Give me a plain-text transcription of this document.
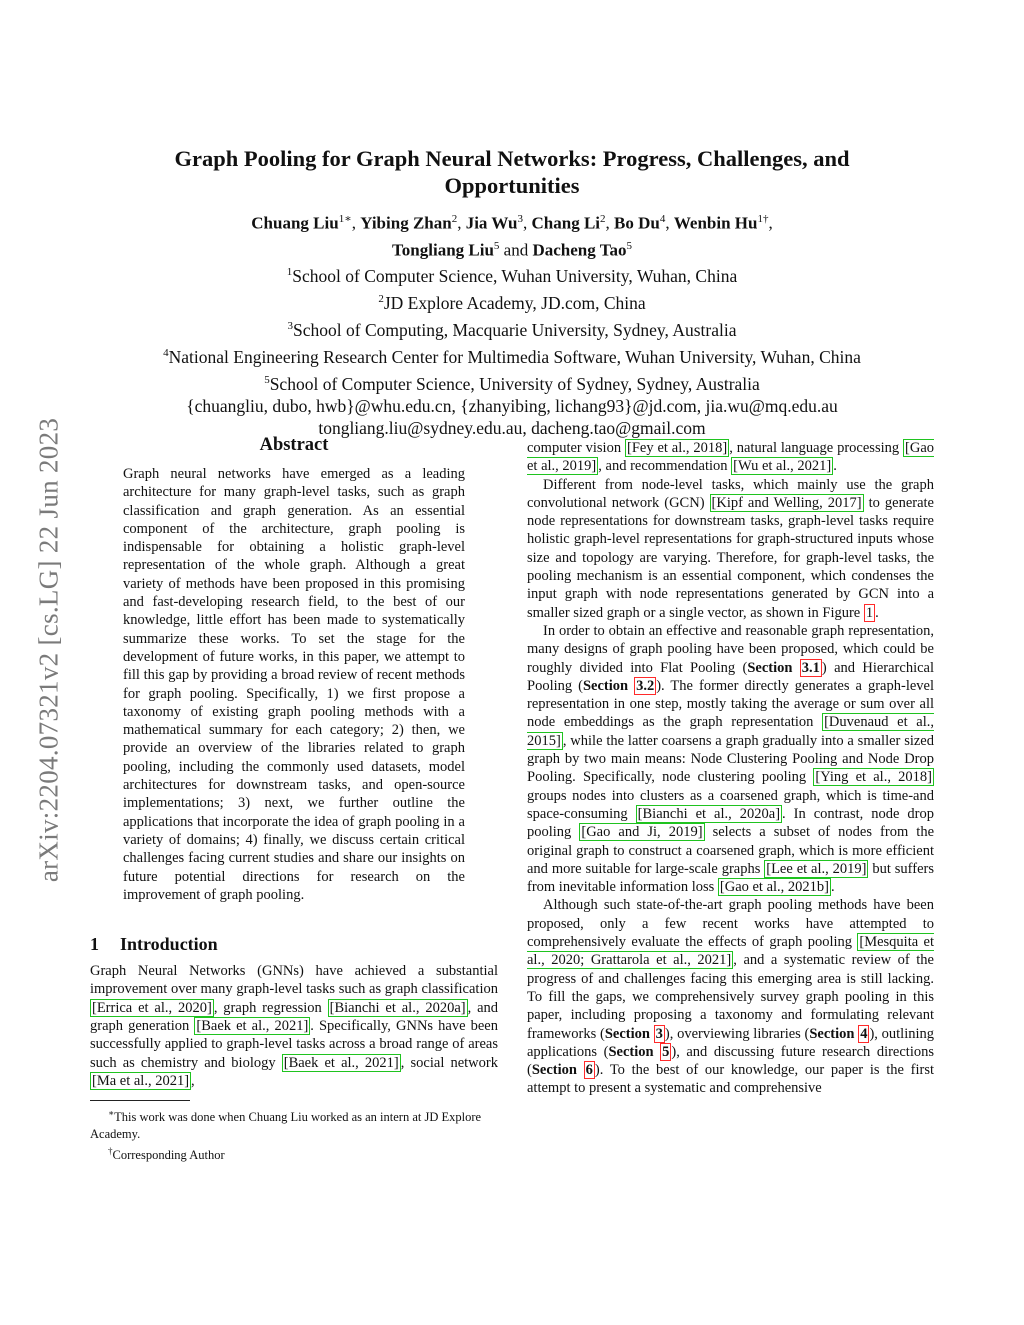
arXiv:2204.07321v2 [cs.LG] 22 Jun 2023
Graph Pooling for Graph Neural Networks: Progress, Challenges, and
Opportunities
Chuang Liu$^{1∗}$, Yibing Zhan$^2$, Jia Wu$^3$, Chang Li$^2$, Bo Du$^4$, Wenbin $Hu^{1\dagger}$,
Tongliang Liu$^5$ and Dacheng Tao$^5$
$^1$School of Computer Science, Wuhan University, Wuhan, China
$^2$JD Explore Academy, JD.com, China
$^3$School of Computing, Macquarie University, Sydney, Australia
$^4$National Engineering Research Center for Multimedia Software, Wuhan University, Wuhan, China
$^5$School of Computer Science, University of Sydney, Sydney, Australia
{chuangliu, dubo, hwb}@whu.edu.cn, {zhanyibing, lichang93}@jd.com, jia.wu@mq.edu.au
tongliang.liu@sydney.edu.au, dacheng.tao@gmail.com
Abstract

Graph neural networks have emerged as a leading architecture for many graph-level tasks, such as graph classification and graph generation. As an essential component of the architecture, graph pooling is indispensable for obtaining a holistic graph-level representation of the whole graph. Although a great variety of methods have been proposed in this promising and fast-developing research field, to the best of our knowledge, little effort has been made to systematically summarize these works. To set the stage for the development of future works, in this paper, we attempt to fill this gap by providing a broad review of recent methods for graph pooling. Specifically, 1) we first propose a taxonomy of existing graph pooling methods with a mathematical summary for each category; 2) then, we provide an overview of the libraries related to graph pooling, including the commonly used datasets, model architectures for downstream tasks, and open-source implementations; 3) next, we further outline the applications that incorporate the idea of graph pooling in a variety of domains; 4) finally, we discuss certain critical challenges facing current studies and share our insights on future potential directions for research on the improvement of graph pooling.

1 Introduction

Graph Neural Networks (GNNs) have achieved a substantial improvement over many graph-level tasks such as graph classification [Errica et al., 2020] , graph regression [Bianchi et al., 2020a] , and graph generation [Baek et al., 2021] . Specifically, GNNs have been successfully applied to graph-level tasks across a broad range of areas such as chemistry and biology [Baek et al., 2021] , social network [Ma et al., 2021] ,

∗This work was done when Chuang Liu worked as an intern at JD Explore Academy.

†Corresponding Author

computer vision [Fey et al., 2018] , natural language processing [Gao et al., 2019] , and recommendation [Wu et al., 2021] .

Different from node-level tasks, which mainly use the graph convolutional network (GCN) [Kipf and Welling, 2017] to generate node representations for downstream tasks, graph-level tasks require holistic graph-level representations for graph-structured inputs whose size and topology are varying. Therefore, for graph-level tasks, the pooling mechanism is an essential component, which condenses the input graph with node representations generated by GCN into a smaller sized graph or a single vector, as shown in Figure 1 .

In order to obtain an effective and reasonable graph representation, many designs of graph pooling have been proposed, which could be roughly divided into Flat Pooling (Section 3.1 ) and Hierarchical Pooling (Section 3.2 ). The former directly generates a graph-level representation in one step, mostly taking the average or sum over all node embeddings as the graph representation [Duvenaud et al., 2015] , while the latter coarsens a graph gradually into a smaller sized graph by two main means: Node Clustering Pooling and Node Drop Pooling. Specifically, node clustering pooling [Ying et al., 2018] groups nodes into clusters as a coarsened graph, which is time-and space-consuming [Bianchi et al., 2020a] . In contrast, node drop pooling [Gao and Ji, 2019] selects a subset of nodes from the original graph to construct a coarsened graph, which is more efficient and more suitable for large-scale graphs [Lee et al., 2019] but suffers from inevitable information loss [Gao et al., 2021b] .

Although such state-of-the-art graph pooling methods have been proposed, only a few recent works have attempted to comprehensively evaluate the effects of graph pooling [Mesquita et al., 2020; Grattarola et al., 2021] , and a systematic review of the progress of and challenges facing this emerging area is still lacking. To fill the gaps, we comprehensively survey graph pooling in this paper, including proposing a taxonomy and formulating relevant frameworks (Section 3 ), overviewing libraries (Section 4 ), outlining applications (Section 5 ), and discussing future research directions (Section 6 ). To the best of our knowledge, our paper is the first attempt to present a systematic and comprehensive
